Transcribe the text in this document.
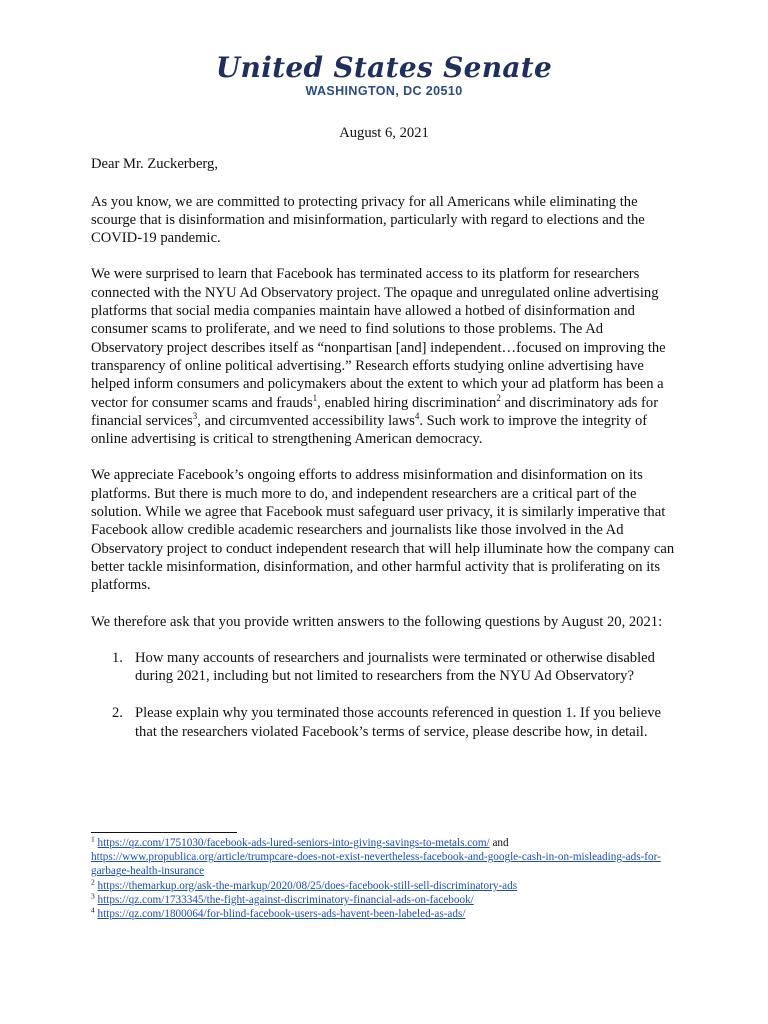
United States Senate
WASHINGTON, DC 20510
August 6, 2021

Dear Mr. Zuckerberg,

As you know, we are committed to protecting privacy for all Americans while eliminating the scourge that is disinformation and misinformation, particularly with regard to elections and the COVID-19 pandemic.

We were surprised to learn that Facebook has terminated access to its platform for researchers connected with the NYU Ad Observatory project. The opaque and unregulated online advertising platforms that social media companies maintain have allowed a hotbed of disinformation and consumer scams to proliferate, and we need to find solutions to those problems. The Ad Observatory project describes itself as “nonpartisan [and] independent…focused on improving the transparency of online political advertising.” Research efforts studying online advertising have helped inform consumers and policymakers about the extent to which your ad platform has been a vector for consumer scams and frauds$^1$, enabled hiring discrimination$^2$ and discriminatory ads for financial services$^3$, and circumvented accessibility laws$^4$. Such work to improve the integrity of online advertising is critical to strengthening American democracy.

We appreciate Facebook’s ongoing efforts to address misinformation and disinformation on its platforms. But there is much more to do, and independent researchers are a critical part of the solution. While we agree that Facebook must safeguard user privacy, it is similarly imperative that Facebook allow credible academic researchers and journalists like those involved in the Ad Observatory project to conduct independent research that will help illuminate how the company can better tackle misinformation, disinformation, and other harmful activity that is proliferating on its platforms.

We therefore ask that you provide written answers to the following questions by August 20, 2021:

1. How many accounts of researchers and journalists were terminated or otherwise disabled during 2021, including but not limited to researchers from the NYU Ad Observatory?
2. Please explain why you terminated those accounts referenced in question 1. If you believe that the researchers violated Facebook’s terms of service, please describe how, in detail.

$^1$ https://qz.com/1751030/facebook-ads-lured-seniors-into-giving-savings-to-metals.com/ and
https://www.propublica.org/article/trumpcare-does-not-exist-nevertheless-facebook-and-google-cash-in-on-misleading-ads-for-garbage-health-insurance

$^2$ https://themarkup.org/ask-the-markup/2020/08/25/does-facebook-still-sell-discriminatory-ads

$^3$ https://qz.com/1733345/the-fight-against-discriminatory-financial-ads-on-facebook/

$^4$ https://qz.com/1800064/for-blind-facebook-users-ads-havent-been-labeled-as-ads/
